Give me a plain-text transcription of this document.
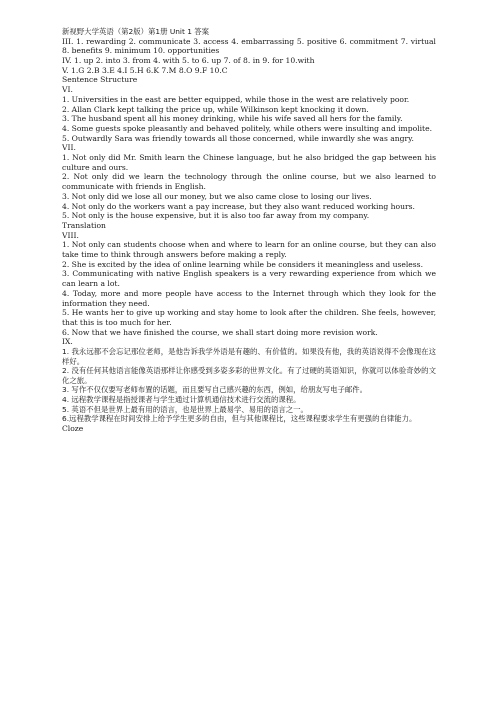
新视野大学英语（第2版）第1册 Unit 1 答案

III. 1. rewarding 2. communicate 3. access 4. embarrassing 5. positive 6. commitment 7. virtual 8. benefits 9. minimum 10. opportunities

IV. 1. up 2. into 3. from 4. with 5. to 6. up 7. of 8. in 9. for 10.with

V. 1.G 2.B 3.E 4.I 5.H 6.K 7.M 8.O 9.F 10.C

Sentence Structure

VI.

1. Universities in the east are better equipped, while those in the west are relatively poor.

2. Allan Clark kept talking the price up, while Wilkinson kept knocking it down.

3. The husband spent all his money drinking, while his wife saved all hers for the family.

4. Some guests spoke pleasantly and behaved politely, while others were insulting and impolite.

5. Outwardly Sara was friendly towards all those concerned, while inwardly she was angry.

VII.

1. Not only did Mr. Smith learn the Chinese language, but he also bridged the gap between his culture and ours.

2. Not only did we learn the technology through the online course, but we also learned to communicate with friends in English.

3. Not only did we lose all our money, but we also came close to losing our lives.

4. Not only do the workers want a pay increase, but they also want reduced working hours.

5. Not only is the house expensive, but it is also too far away from my company.

Translation

VIII.

1. Not only can students choose when and where to learn for an online course, but they can also take time to think through answers before making a reply.

2. She is excited by the idea of online learning while be considers it meaningless and useless.

3. Communicating with native English speakers is a very rewarding experience from which we can learn a lot.

4. Today, more and more people have access to the Internet through which they look for the information they need.

5. He wants her to give up working and stay home to look after the children. She feels, however, that this is too much for her.

6. Now that we have finished the course, we shall start doing more revision work.

IX.

1. 我永远都不会忘记那位老师，是他告诉我学外语是有趣的、有价值的。如果没有他，我的英语说得不会像现在这样好。

2. 没有任何其他语言能像英语那样让你感受到多姿多彩的世界文化。有了过硬的英语知识，你就可以体验奇妙的文化之旅。

3. 写作不仅仅要写老师布置的话题，而且要写自己感兴趣的东西，例如，给朋友写电子邮件。

4. 远程教学课程是指授课者与学生通过计算机通信技术进行交流的课程。

5. 英语不但是世界上最有用的语言，也是世界上最易学、易用的语言之一。

6.远程教学课程在时间安排上给予学生更多的自由，但与其他课程比，这些课程要求学生有更强的自律能力。

Cloze
